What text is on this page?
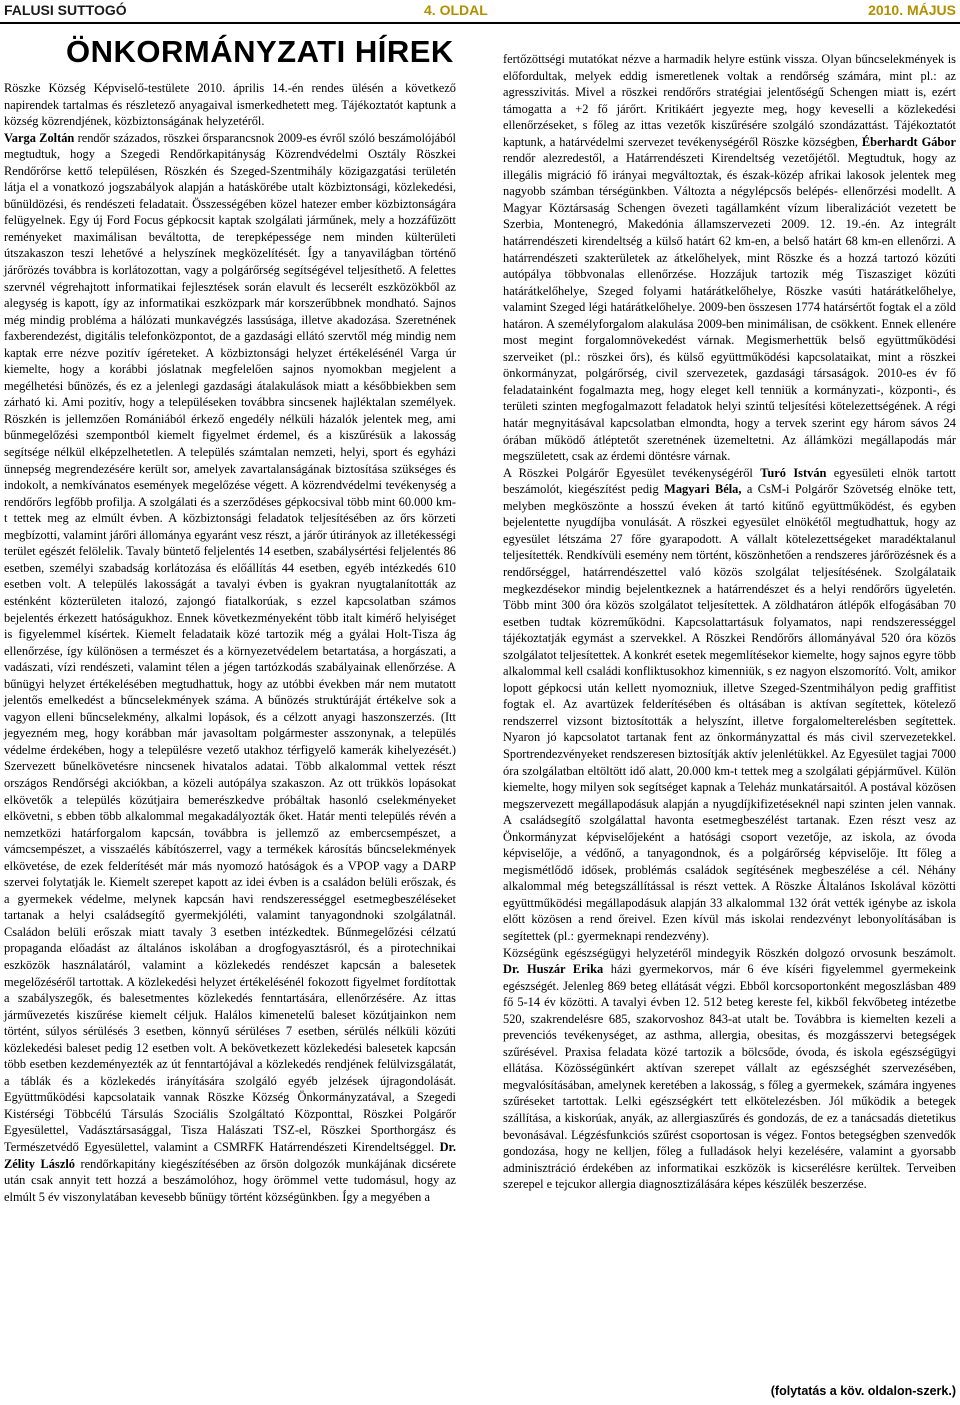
FALUSI SUTTOGÓ	4. OLDAL	2010. MÁJUS
ÖNKORMÁNYZATI HÍREK

Röszke Község Képviselő-testülete 2010. április 14.-én rendes ülésén a következő napirendek tartalmas és részletező anyagaival ismerkedhetett meg. Tájékoztatót kaptunk a község közrendjének, közbiztonságának helyzetéről.

Varga Zoltán rendőr százados, röszkei őrsparancsnok 2009-es évről szóló beszámolójából megtudtuk, hogy a Szegedi Rendőrkapitányság Közrendvédelmi Osztály Röszkei Rendőrőrse kettő településen, Röszkén és Szeged-Szentmihály közigazgatási területén látja el a vonatkozó jogszabályok alapján a hatáskörébe utalt közbiztonsági, közlekedési, bűnüldözési, és rendészeti feladatait. Összességében közel hatezer ember közbiztonságára felügyelnek. Egy új Ford Focus gépkocsit kaptak szolgálati járműnek, mely a hozzáfűzött reményeket maximálisan beváltotta, de terepképessége nem minden külterületi útszakaszon teszi lehetővé a helyszínek megközelítését. Így a tanyavilágban történő járőrözés továbbra is korlátozottan, vagy a polgárőrség segítségével teljesíthető. A felettes szervnél végrehajtott informatikai fejlesztések során elavult és lecserélt eszközökből az alegység is kapott, így az informatikai eszközpark már korszerűbbnek mondható. Sajnos még mindig probléma a hálózati munkavégzés lassúsága, illetve akadozása. Szeretnének faxberendezést, digitális telefonközpontot, de a gazdasági ellátó szervtől még mindig nem kaptak erre nézve pozitív ígéreteket. A közbiztonsági helyzet értékelésénél Varga úr kiemelte, hogy a korábbi jóslatnak megfelelően sajnos nyomokban megjelent a megélhetési bűnözés, és ez a jelenlegi gazdasági átalakulások miatt a későbbiekben sem zárható ki. Ami pozitív, hogy a településeken továbbra sincsenek hajléktalan személyek. Röszkén is jellemzően Romániából érkező engedély nélküli házalók jelentek meg, ami bűnmegelőzési szempontból kiemelt figyelmet érdemel, és a kiszűrésük a lakosság segítsége nélkül elképzelhetetlen. A település számtalan nemzeti, helyi, sport és egyházi ünnepség megrendezésére került sor, amelyek zavartalanságának biztosítása szükséges és indokolt, a nemkívánatos események megelőzése végett. A közrendvédelmi tevékenység a rendőrőrs legfőbb profilja. A szolgálati és a szerződéses gépkocsival több mint 60.000 km-t tettek meg az elmúlt évben. A közbiztonsági feladatok teljesítésében az őrs körzeti megbízotti, valamint járőri állománya egyaránt vesz részt, a járőr útirányok az illetékességi terület egészét felölelik. Tavaly büntető feljelentés 14 esetben, szabálysértési feljelentés 86 esetben, személyi szabadság korlátozása és előállítás 44 esetben, egyéb intézkedés 610 esetben volt. A település lakosságát a tavalyi évben is gyakran nyugtalanították az esténként közterületen italozó, zajongó fiatalkorúak, s ezzel kapcsolatban számos bejelentés érkezett hatóságukhoz. Ennek következményeként több italt kimérő helyiséget is figyelemmel kísértek. Kiemelt feladataik közé tartozik még a gyálai Holt-Tisza ág ellenőrzése, így különösen a természet és a környezetvédelem betartatása, a horgászati, a vadászati, vízi rendészeti, valamint télen a jégen tartózkodás szabályainak ellenőrzése. A bűnügyi helyzet értékelésében megtudhattuk, hogy az utóbbi években már nem mutatott jelentős emelkedést a bűncselekmények száma. A bűnözés struktúráját értékelve sok a vagyon elleni bűncselekmény, alkalmi lopások, és a célzott anyagi haszonszerzés. (Itt jegyezném meg, hogy korábban már javasoltam polgármester asszonynak, a település védelme érdekében, hogy a településre vezető utakhoz térfigyelő kamerák kihelyezését.) Szervezett bűnelkövetésre nincsenek hivatalos adatai. Több alkalommal vettek részt országos Rendőrségi akciókban, a közeli autópálya szakaszon. Az ott trükkös lopásokat elkövetők a település közútjaira bemerészkedve próbáltak hasonló cselekményeket elkövetni, s ebben több alkalommal megakadályozták őket. Határ menti település révén a nemzetközi határforgalom kapcsán, továbbra is jellemző az embercsempészet, a vámcsempészet, a visszaélés kábítószerrel, vagy a termékek károsítás bűncselekmények elkövetése, de ezek felderítését már más nyomozó hatóságok és a VPOP vagy a DARP szervei folytatják le. Kiemelt szerepet kapott az idei évben is a családon belüli erőszak, és a gyermekek védelme, melynek kapcsán havi rendszerességgel esetmegbeszéléseket tartanak a helyi családsegítő gyermekjóléti, valamint tanyagondnoki szolgálatnál. Családon belüli erőszak miatt tavaly 3 esetben intézkedtek. Bűnmegelőzési célzatú propaganda előadást az általános iskolában a drogfogyasztásról, és a pirotechnikai eszközök használatáról, valamint a közlekedés rendészet kapcsán a balesetek megelőzéséről tartottak. A közlekedési helyzet értékelésénél fokozott figyelmet fordítottak a szabályszegők, és balesetmentes közlekedés fenntartására, ellenőrzésére. Az ittas járművezetés kiszűrése kiemelt céljuk. Halálos kimenetelű baleset közútjainkon nem történt, súlyos sérülésés 3 esetben, könnyű sérüléses 7 esetben, sérülés nélküli közúti közlekedési baleset pedig 12 esetben volt. A bekövetkezett közlekedési balesetek kapcsán több esetben kezdeményezték az út fenntartójával a közlekedés rendjének felülvizsgálatát, a táblák és a közlekedés irányítására szolgáló egyéb jelzések újragondolását. Együttműködési kapcsolataik vannak Röszke Község Önkormányzatával, a Szegedi Kistérségi Többcélú Társulás Szociális Szolgáltató Központtal, Röszkei Polgárőr Egyesülettel, Vadásztársasággal, Tisza Halászati TSZ-el, Röszkei Sporthorgász és Természetvédő Egyesülettel, valamint a CSMRFK Határrendészeti Kirendeltséggel. Dr. Zélity László rendőrkapitány kiegészítésében az őrsön dolgozók munkájának dicsérete után csak annyit tett hozzá a beszámolóhoz, hogy örömmel vette tudomásul, hogy az elmúlt 5 év viszonylatában kevesebb bűnügy történt községünkben. Így a megyében a

fertőzöttségi mutatókat nézve a harmadik helyre estünk vissza. Olyan bűncselekmények is előfordultak, melyek eddig ismeretlenek voltak a rendőrség számára, mint pl.: az agresszivitás. Mivel a röszkei rendőrőrs stratégiai jelentőségű Schengen miatt is, ezért támogatta a +2 fő járőrt. Kritikáért jegyezte meg, hogy keveselli a közlekedési ellenőrzéseket, s főleg az ittas vezetők kiszűrésére szolgáló szondázattást. Tájékoztatót kaptunk, a határvédelmi szervezet tevékenységéről Röszke községben, Éberhardt Gábor rendőr alezredestől, a Határrendészeti Kirendeltség vezetőjétől. Megtudtuk, hogy az illegális migráció fő irányai megváltoztak, és észak-közép afrikai lakosok jelentek meg nagyobb számban térségünkben. Változta a négylépcsős belépés- ellenőrzési modellt. A Magyar Köztársaság Schengen övezeti tagállamként vízum liberalizációt vezetett be Szerbia, Montenegró, Makedónia államszervezeti 2009. 12. 19.-én. Az integrált határrendészeti kirendeltség a külső határt 62 km-en, a belső határt 68 km-en ellenőrzi. A határrendészeti szakterületek az átkelőhelyek, mint Röszke és a hozzá tartozó közúti autópálya többvonalas ellenőrzése. Hozzájuk tartozik még Tiszasziget közúti határátkelőhelye, Szeged folyami határátkelőhelye, Röszke vasúti határátkelőhelye, valamint Szeged légi határátkelőhelye. 2009-ben összesen 1774 határsértőt fogtak el a zöld határon. A személyforgalom alakulása 2009-ben minimálisan, de csökkent. Ennek ellenére most megint forgalomnövekedést várnak. Megismerhettük belső együttműködési szerveiket (pl.: röszkei őrs), és külső együttműködési kapcsolataikat, mint a röszkei önkormányzat, polgárőrség, civil szervezetek, gazdasági társaságok. 2010-es év fő feladatainként fogalmazta meg, hogy eleget kell tenniük a kormányzati-, központi-, és területi szinten megfogalmazott feladatok helyi szintű teljesítési kötelezettségének. A régi határ megnyitásával kapcsolatban elmondta, hogy a tervek szerint egy három sávos 24 órában működő átléptetőt szeretnének üzemeltetni. Az állámközi megállapodás már megszületett, csak az érdemi döntésre várnak.

A Röszkei Polgárőr Egyesület tevékenységéről Turó István egyesületi elnök tartott beszámolót, kiegészítést pedig Magyari Béla, a CsM-i Polgárőr Szövetség elnöke tett, melyben megköszönte a hosszú éveken át tartó kitűnő együttműködést, és egyben bejelentette nyugdíjba vonulását. A röszkei egyesület elnökétől megtudhattuk, hogy az egyesület létszáma 27 főre gyarapodott. A vállalt kötelezettségeket maradéktalanul teljesítették. Rendkívüli esemény nem történt, köszönhetően a rendszeres járőrözésnek és a rendőrséggel, határrendészettel való közös szolgálat teljesítésének. Szolgálataik megkezdésekor mindig bejelentkeznek a határrendészet és a helyi rendőrőrs ügyeletén. Több mint 300 óra közös szolgálatot teljesítettek. A zöldhatáron átlépők elfogásában 70 esetben tudtak közreműködni. Kapcsolattartásuk folyamatos, napi rendszerességgel tájékoztatják egymást a szervekkel. A Röszkei Rendőrőrs állományával 520 óra közös szolgálatot teljesítettek. A konkrét esetek megemlítésekor kiemelte, hogy sajnos egyre több alkalommal kell családi konfliktusokhoz kimenniük, s ez nagyon elszomorító. Volt, amikor lopott gépkocsi után kellett nyomozniuk, illetve Szeged-Szentmihályon pedig graffitist fogtak el. Az avartüzek felderítésében és oltásában is aktívan segítettek, kötelező rendszerrel vizsont biztosították a helyszínt, illetve forgalomelterelésben segítettek. Nyaron jó kapcsolatot tartanak fent az önkormányzattal és más civil szervezetekkel. Sportrendezvényeket rendszeresen biztosítják aktív jelenlétükkel. Az Egyesület tagjai 7000 óra szolgálatban eltöltött idő alatt, 20.000 km-t tettek meg a szolgálati gépjárművel. Külön kiemelte, hogy milyen sok segítséget kapnak a Teleház munkatársaitól. A postával közösen megszervezett megállapodásuk alapján a nyugdíjkifizetéseknél napi szinten jelen vannak. A családsegítő szolgálattal havonta esetmegbeszélést tartanak. Ezen részt vesz az Önkormányzat képviselőjeként a hatósági csoport vezetője, az iskola, az óvoda képviselője, a védőnő, a tanyagondnok, és a polgárőrség képviselője. Itt főleg a megismétlődő idősek, problémás családok segítésének megbeszélése a cél. Néhány alkalommal még betegszállítással is részt vettek. A Röszke Általános Iskolával közötti együttműködési megállapodásuk alapján 33 alkalommal 132 órát vették igénybe az iskola előtt közösen a rend őreivel. Ezen kívül más iskolai rendezvényt lebonyolításában is segítettek (pl.: gyermeknapi rendezvény).

Községünk egészségügyi helyzetéről mindegyik Röszkén dolgozó orvosunk beszámolt. Dr. Huszár Erika házi gyermekorvos, már 6 éve kíséri figyelemmel gyermekeink egészségét. Jelenleg 869 beteg ellátását végzi. Ebből korcsoportonként megoszlásban 489 fő 5-14 év közötti. A tavalyi évben 12. 512 beteg kereste fel, kikből fekvőbeteg intézetbe 520, szakrendelésre 685, szakorvoshoz 843-at utalt be. Továbbra is kiemelten kezeli a prevenciós tevékenységet, az asthma, allergia, obesitas, és mozgásszervi betegségek szűrésével. Praxisa feladata közé tartozik a bölcsőde, óvoda, és iskola egészségügyi ellátása. Közösségünkért aktívan szerepet vállalt az egészséghét szervezésében, megvalósításában, amelynek keretében a lakosság, s főleg a gyermekek, számára ingyenes szűréseket tartottak. Lelki egészségkért tett elkötelezésben. Jól működik a betegek szállítása, a kiskorúak, anyák, az allergiaszűrés és gondozás, de ez a tanácsadás dietetikus bevonásával. Légzésfunkciós szűrést csoportosan is végez. Fontos betegségben szenvedők gondozása, hogy ne kelljen, főleg a fulladások helyi kezelésére, valamint a gyorsabb adminisztráció érdekében az informatikai eszközök is kicserélésre kerültek. Terveiben szerepel e tejcukor allergia diagnosztizálására képes készülék beszerzése.

(folytatás a köv. oldalon-szerk.)
